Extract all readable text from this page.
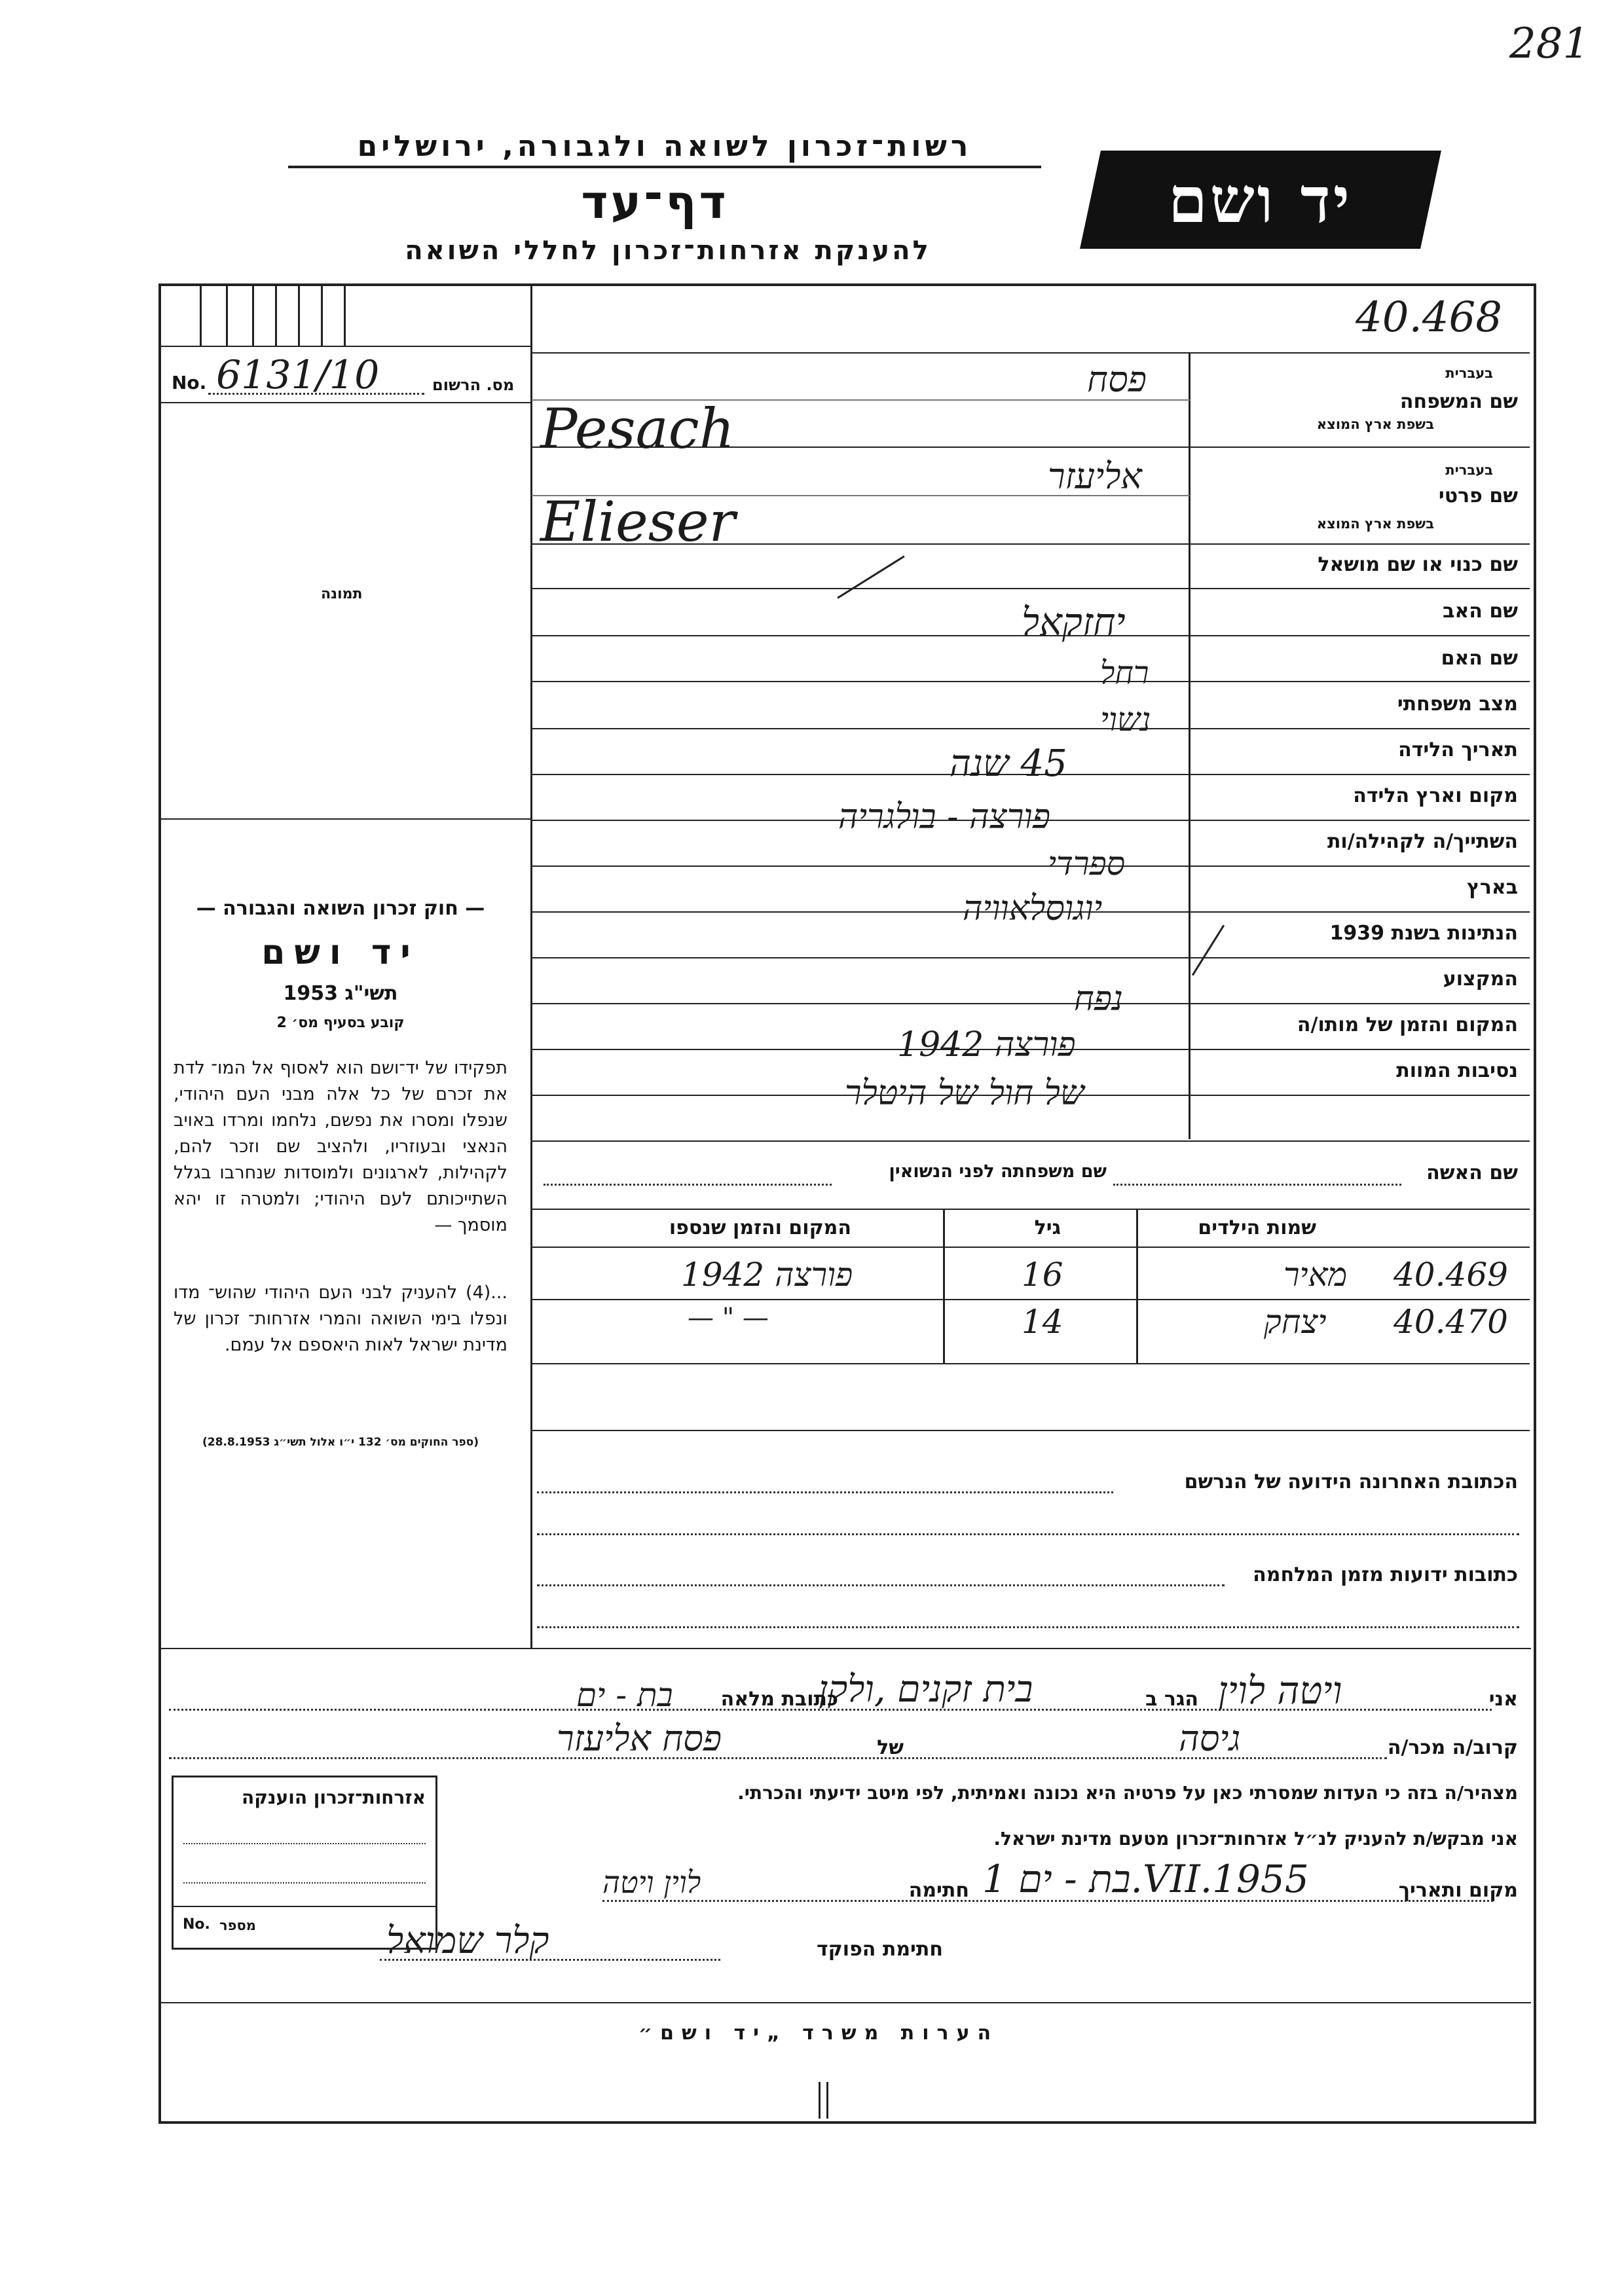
281
רשות־זכרון לשואה ולגבורה, ירושלים
דף־עד
להענקת אזרחות־זכרון לחללי השואה
יד ושם
40.468
No. 6131/10	מס. הרשום
תמונה
— חוק זכרון השואה והגבורה —
יד ושם
תשי"ג 1953
קובע בסעיף מס׳ 2
תפקידו של יד־ושם הוא לאסוף אל המו־ לדת את זכרם של כל אלה מבני העם היהודי, שנפלו ומסרו את נפשם, נלחמו ומרדו באויב הנאצי ובעוזריו, ולהציב שם וזכר להם, לקהילות, לארגונים ולמוסדות שנחרבו בגלל השתייכותם לעם היהודי; ולמטרה זו יהא מוסמך —
...(4) להעניק לבני העם היהודי שהוש־ מדו ונפלו בימי השואה והמרי אזרחות־ זכרון של מדינת ישראל לאות היאספם אל עמם.
(ספר החוקים מס׳ 132 י״ו אלול תשי״ג 28.8.1953)
שם המשפחה
בעברית
בשפת ארץ המוצא
שם פרטי
בעברית
בשפת ארץ המוצא
שם כנוי או שם מושאל
שם האב
שם האם
מצב משפחתי
תאריך הלידה
מקום וארץ הלידה
השתייך/ה לקהילה/ות
בארץ
הנתינות בשנת 1939
המקצוע
המקום והזמן של מותו/ה
נסיבות המוות
פסח
Pesach
אליעזר
Elieser
יחזקאל
רחל
נשוי
45 שנה
פורצה - בולגריה
ספרדי
יוגוסלאוויה
נפח
פורצה 1942
של חול של היטלר
שם האשה
שם משפחתה לפני הנשואין
שמות הילדים
גיל
המקום והזמן שנספו
מאיר 40.469
16
פורצה 1942
יצחק 40.470
14
— " —
הכתובת האחרונה הידועה של הנרשם
כתובות ידועות מזמן המלחמה
אני
ויטה לוין
הגר ב
בית זקנים ,ולקן
כתובת מלאה
בת - ים
קרוב/ה מכר/ה
גיסה
של
פסח אליעזר
מצהיר/ה בזה כי העדות שמסרתי כאן על פרטיה היא נכונה ואמיתית, לפי מיטב ידיעתי והכרתי.
אני מבקש/ת להעניק לנ״ל אזרחות־זכרון מטעם מדינת ישראל.
מקום ותאריך
בת - ים 1.VII.1955
חתימה
לוין ויטה
חתימת הפוקד
קלר שמואל
אזרחות־זכרון הוענקה
No. מספר
הערות משרד „יד ושם״
